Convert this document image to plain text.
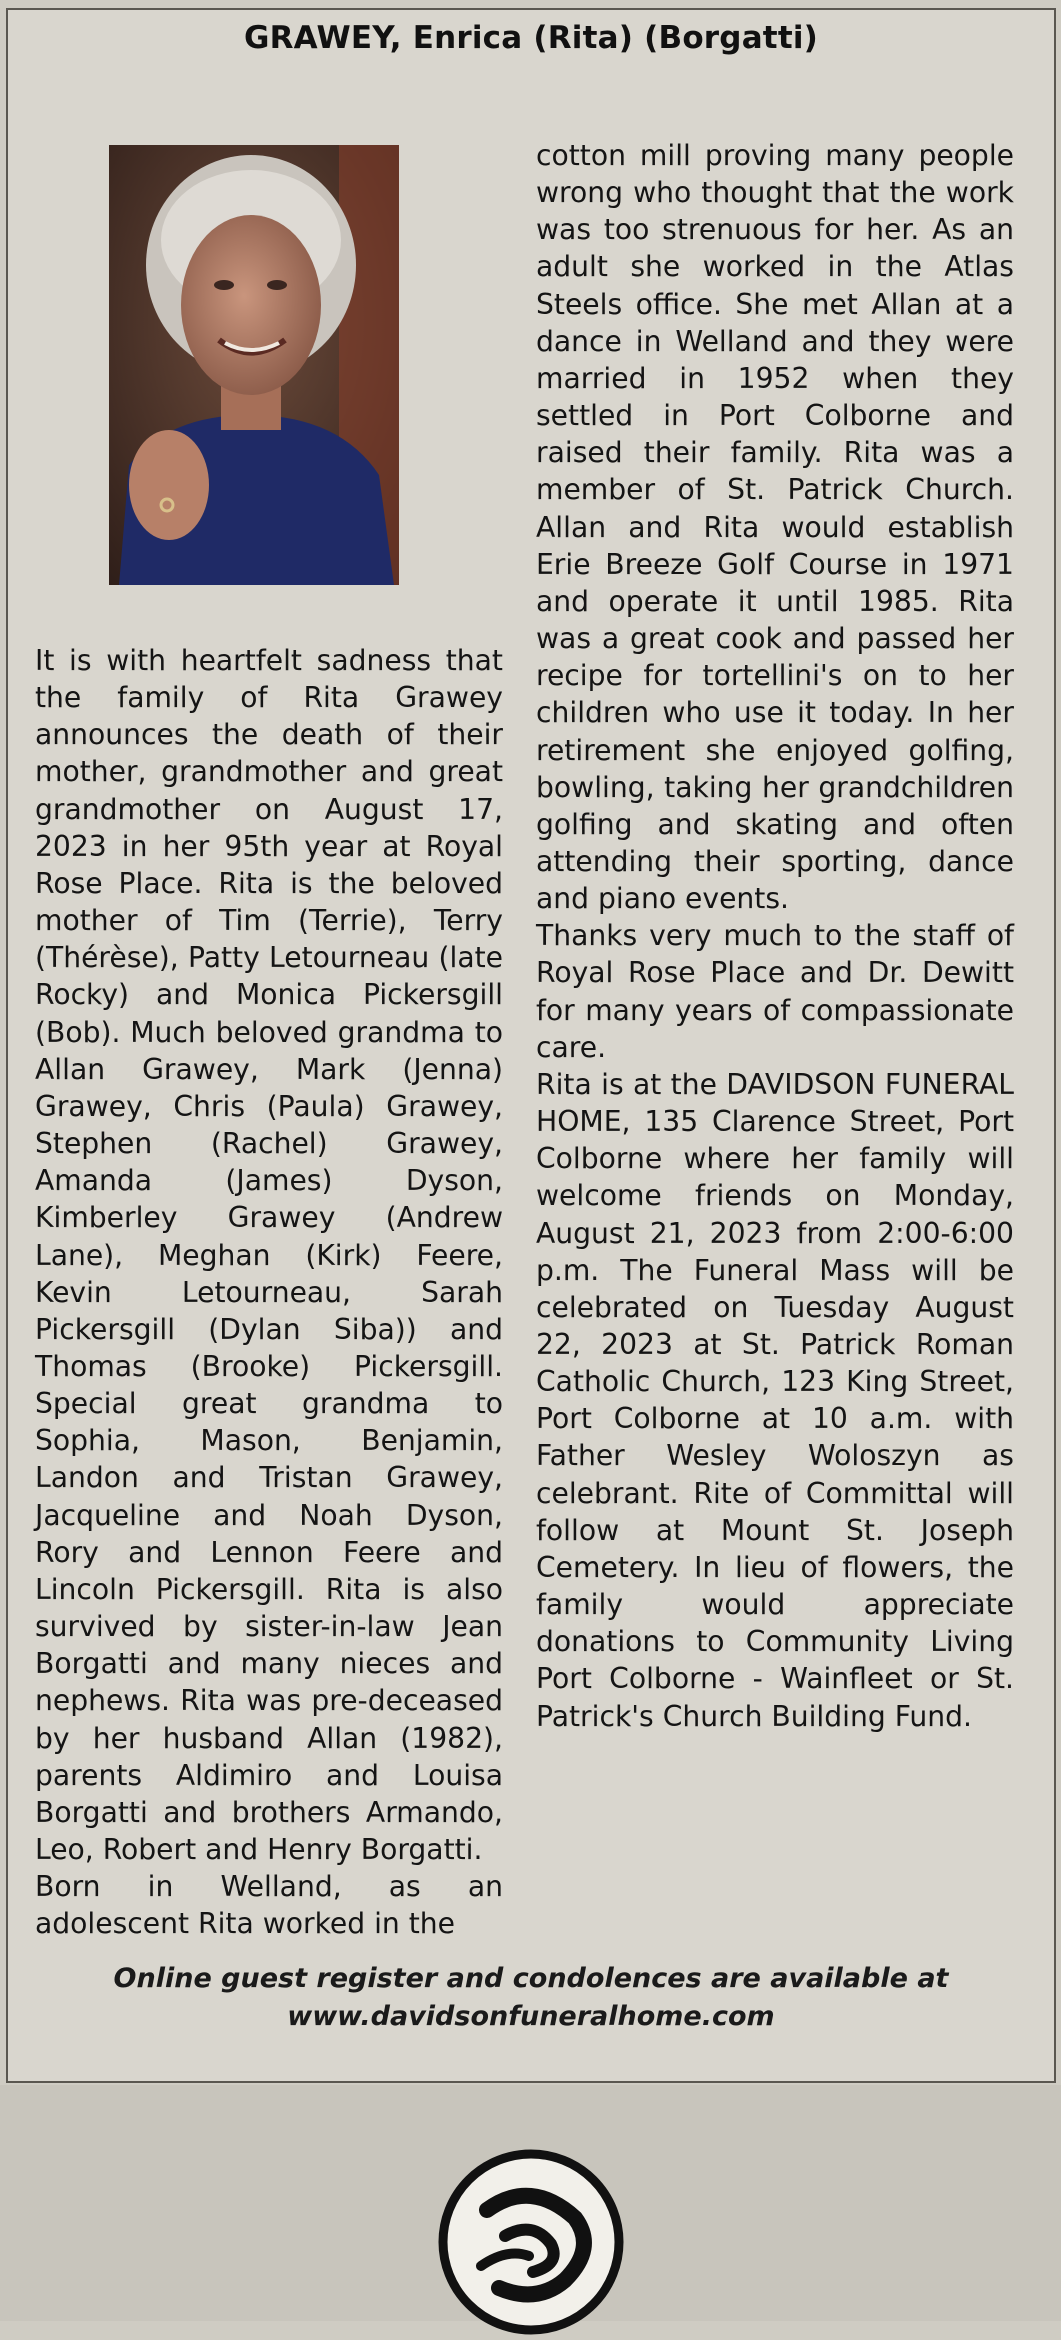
GRAWEY, Enrica (Rita) (Borgatti)

It is with heartfelt sadness that the family of Rita Grawey announces the death of their mother, grandmother and great grandmother on August 17, 2023 in her 95th year at Royal Rose Place. Rita is the beloved mother of Tim (Terrie), Terry (Thérèse), Patty Letourneau (late Rocky) and Monica Pickersgill (Bob). Much beloved grandma to Allan Grawey, Mark (Jenna) Grawey, Chris (Paula) Grawey, Stephen (Rachel) Grawey, Amanda (James) Dyson, Kimberley Grawey (Andrew Lane), Meghan (Kirk) Feere, Kevin Letourneau, Sarah Pickersgill (Dylan Siba)) and Thomas (Brooke) Pickersgill. Special great grandma to Sophia, Mason, Benjamin, Landon and Tristan Grawey, Jacqueline and Noah Dyson, Rory and Lennon Feere and Lincoln Pickersgill. Rita is also survived by sister-in-law Jean Borgatti and many nieces and nephews. Rita was pre-deceased by her husband Allan (1982), parents Aldimiro and Louisa Borgatti and brothers Armando, Leo, Robert and Henry Borgatti.

Born in Welland, as an adolescent Rita worked in the

cotton mill proving many people wrong who thought that the work was too strenuous for her. As an adult she worked in the Atlas Steels office. She met Allan at a dance in Welland and they were married in 1952 when they settled in Port Colborne and raised their family. Rita was a member of St. Patrick Church. Allan and Rita would establish Erie Breeze Golf Course in 1971 and operate it until 1985. Rita was a great cook and passed her recipe for tortellini's on to her children who use it today. In her retirement she enjoyed golfing, bowling, taking her grandchildren golfing and skating and often attending their sporting, dance and piano events.

Thanks very much to the staff of Royal Rose Place and Dr. Dewitt for many years of compassionate care.

Rita is at the DAVIDSON FUNERAL HOME, 135 Clarence Street, Port Colborne where her family will welcome friends on Monday, August 21, 2023 from 2:00-6:00 p.m. The Funeral Mass will be celebrated on Tuesday August 22, 2023 at St. Patrick Roman Catholic Church, 123 King Street, Port Colborne at 10 a.m. with Father Wesley Woloszyn as celebrant. Rite of Committal will follow at Mount St. Joseph Cemetery. In lieu of flowers, the family would appreciate donations to Community Living Port Colborne - Wainfleet or St. Patrick's Church Building Fund.

Online guest register and condolences are available at
www.davidsonfuneralhome.com
